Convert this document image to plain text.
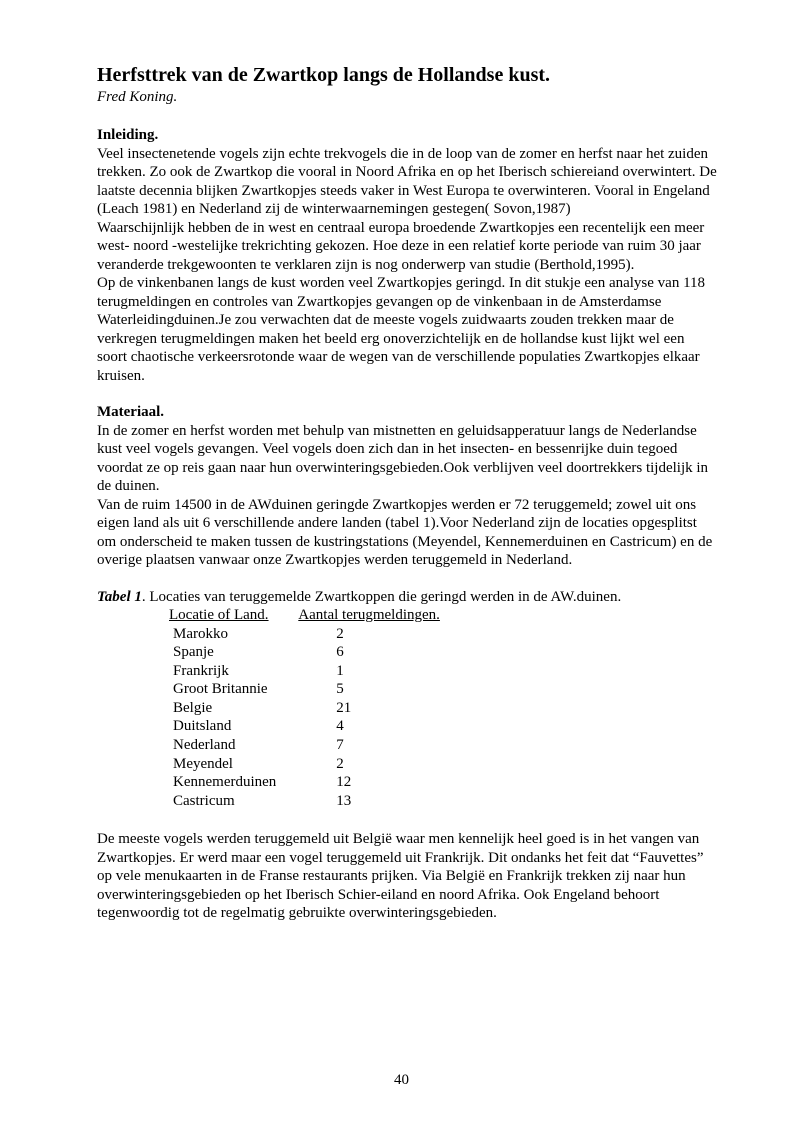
Herfsttrek van de Zwartkop langs de Hollandse kust.

Fred Koning.

Inleiding.

Veel insectenetende vogels zijn echte trekvogels die in de loop van de zomer en herfst naar het zuiden trekken. Zo ook de Zwartkop die vooral in Noord Afrika en op het Iberisch schiereiand overwintert. De laatste decennia blijken Zwartkopjes steeds vaker in West Europa te overwinteren. Vooral in Engeland (Leach 1981) en Nederland zij de winterwaarnemingen gestegen( Sovon,1987)

Waarschijnlijk hebben de in west en centraal europa broedende Zwartkopjes een recentelijk een meer west- noord -westelijke trekrichting gekozen. Hoe deze in een relatief korte periode van ruim 30 jaar veranderde trekgewoonten te verklaren zijn is nog onderwerp van studie (Berthold,1995).

Op de vinkenbanen langs de kust worden veel Zwartkopjes geringd. In dit stukje een analyse van 118 terugmeldingen en controles van Zwartkopjes gevangen op de vinkenbaan in de Amsterdamse Waterleidingduinen.Je zou verwachten dat de meeste vogels zuidwaarts zouden trekken maar de verkregen terugmeldingen maken het beeld erg onoverzichtelijk en de hollandse kust lijkt wel een soort chaotische verkeersrotonde waar de wegen van de verschillende populaties Zwartkopjes elkaar kruisen.

Materiaal.

In de zomer en herfst worden met behulp van mistnetten en geluidsapperatuur langs de Nederlandse kust veel vogels gevangen. Veel vogels doen zich dan in het insecten- en bessenrijke duin tegoed voordat ze op reis gaan naar hun overwinteringsgebieden.Ook verblijven veel doortrekkers tijdelijk in de duinen.

Van de ruim 14500 in de AWduinen geringde Zwartkopjes werden er 72 teruggemeld; zowel uit ons eigen land als uit 6 verschillende andere landen (tabel 1).Voor Nederland zijn de locaties opgesplitst om onderscheid te maken tussen de kustringstations (Meyendel, Kennemerduinen en Castricum) en de overige plaatsen vanwaar onze Zwartkopjes werden teruggemeld in Nederland.

Tabel 1. Locaties van teruggemelde Zwartkoppen die geringd werden in de AW.duinen.

Locatie of Land.	Aantal terugmeldingen.
Marokko	2
Spanje	6
Frankrijk	1
Groot Britannie	5
Belgie	21
Duitsland	4
Nederland	7
Meyendel	2
Kennemerduinen	12
Castricum	13

De meeste vogels werden teruggemeld uit België waar men kennelijk heel goed is in het vangen van Zwartkopjes. Er werd maar een vogel teruggemeld uit Frankrijk. Dit ondanks het feit dat “Fauvettes” op vele menukaarten in de Franse restaurants prijken. Via België en Frankrijk trekken zij naar hun overwinteringsgebieden op het Iberisch Schier-eiland en noord Afrika. Ook Engeland behoort tegenwoordig tot de regelmatig gebruikte overwinteringsgebieden.

40
